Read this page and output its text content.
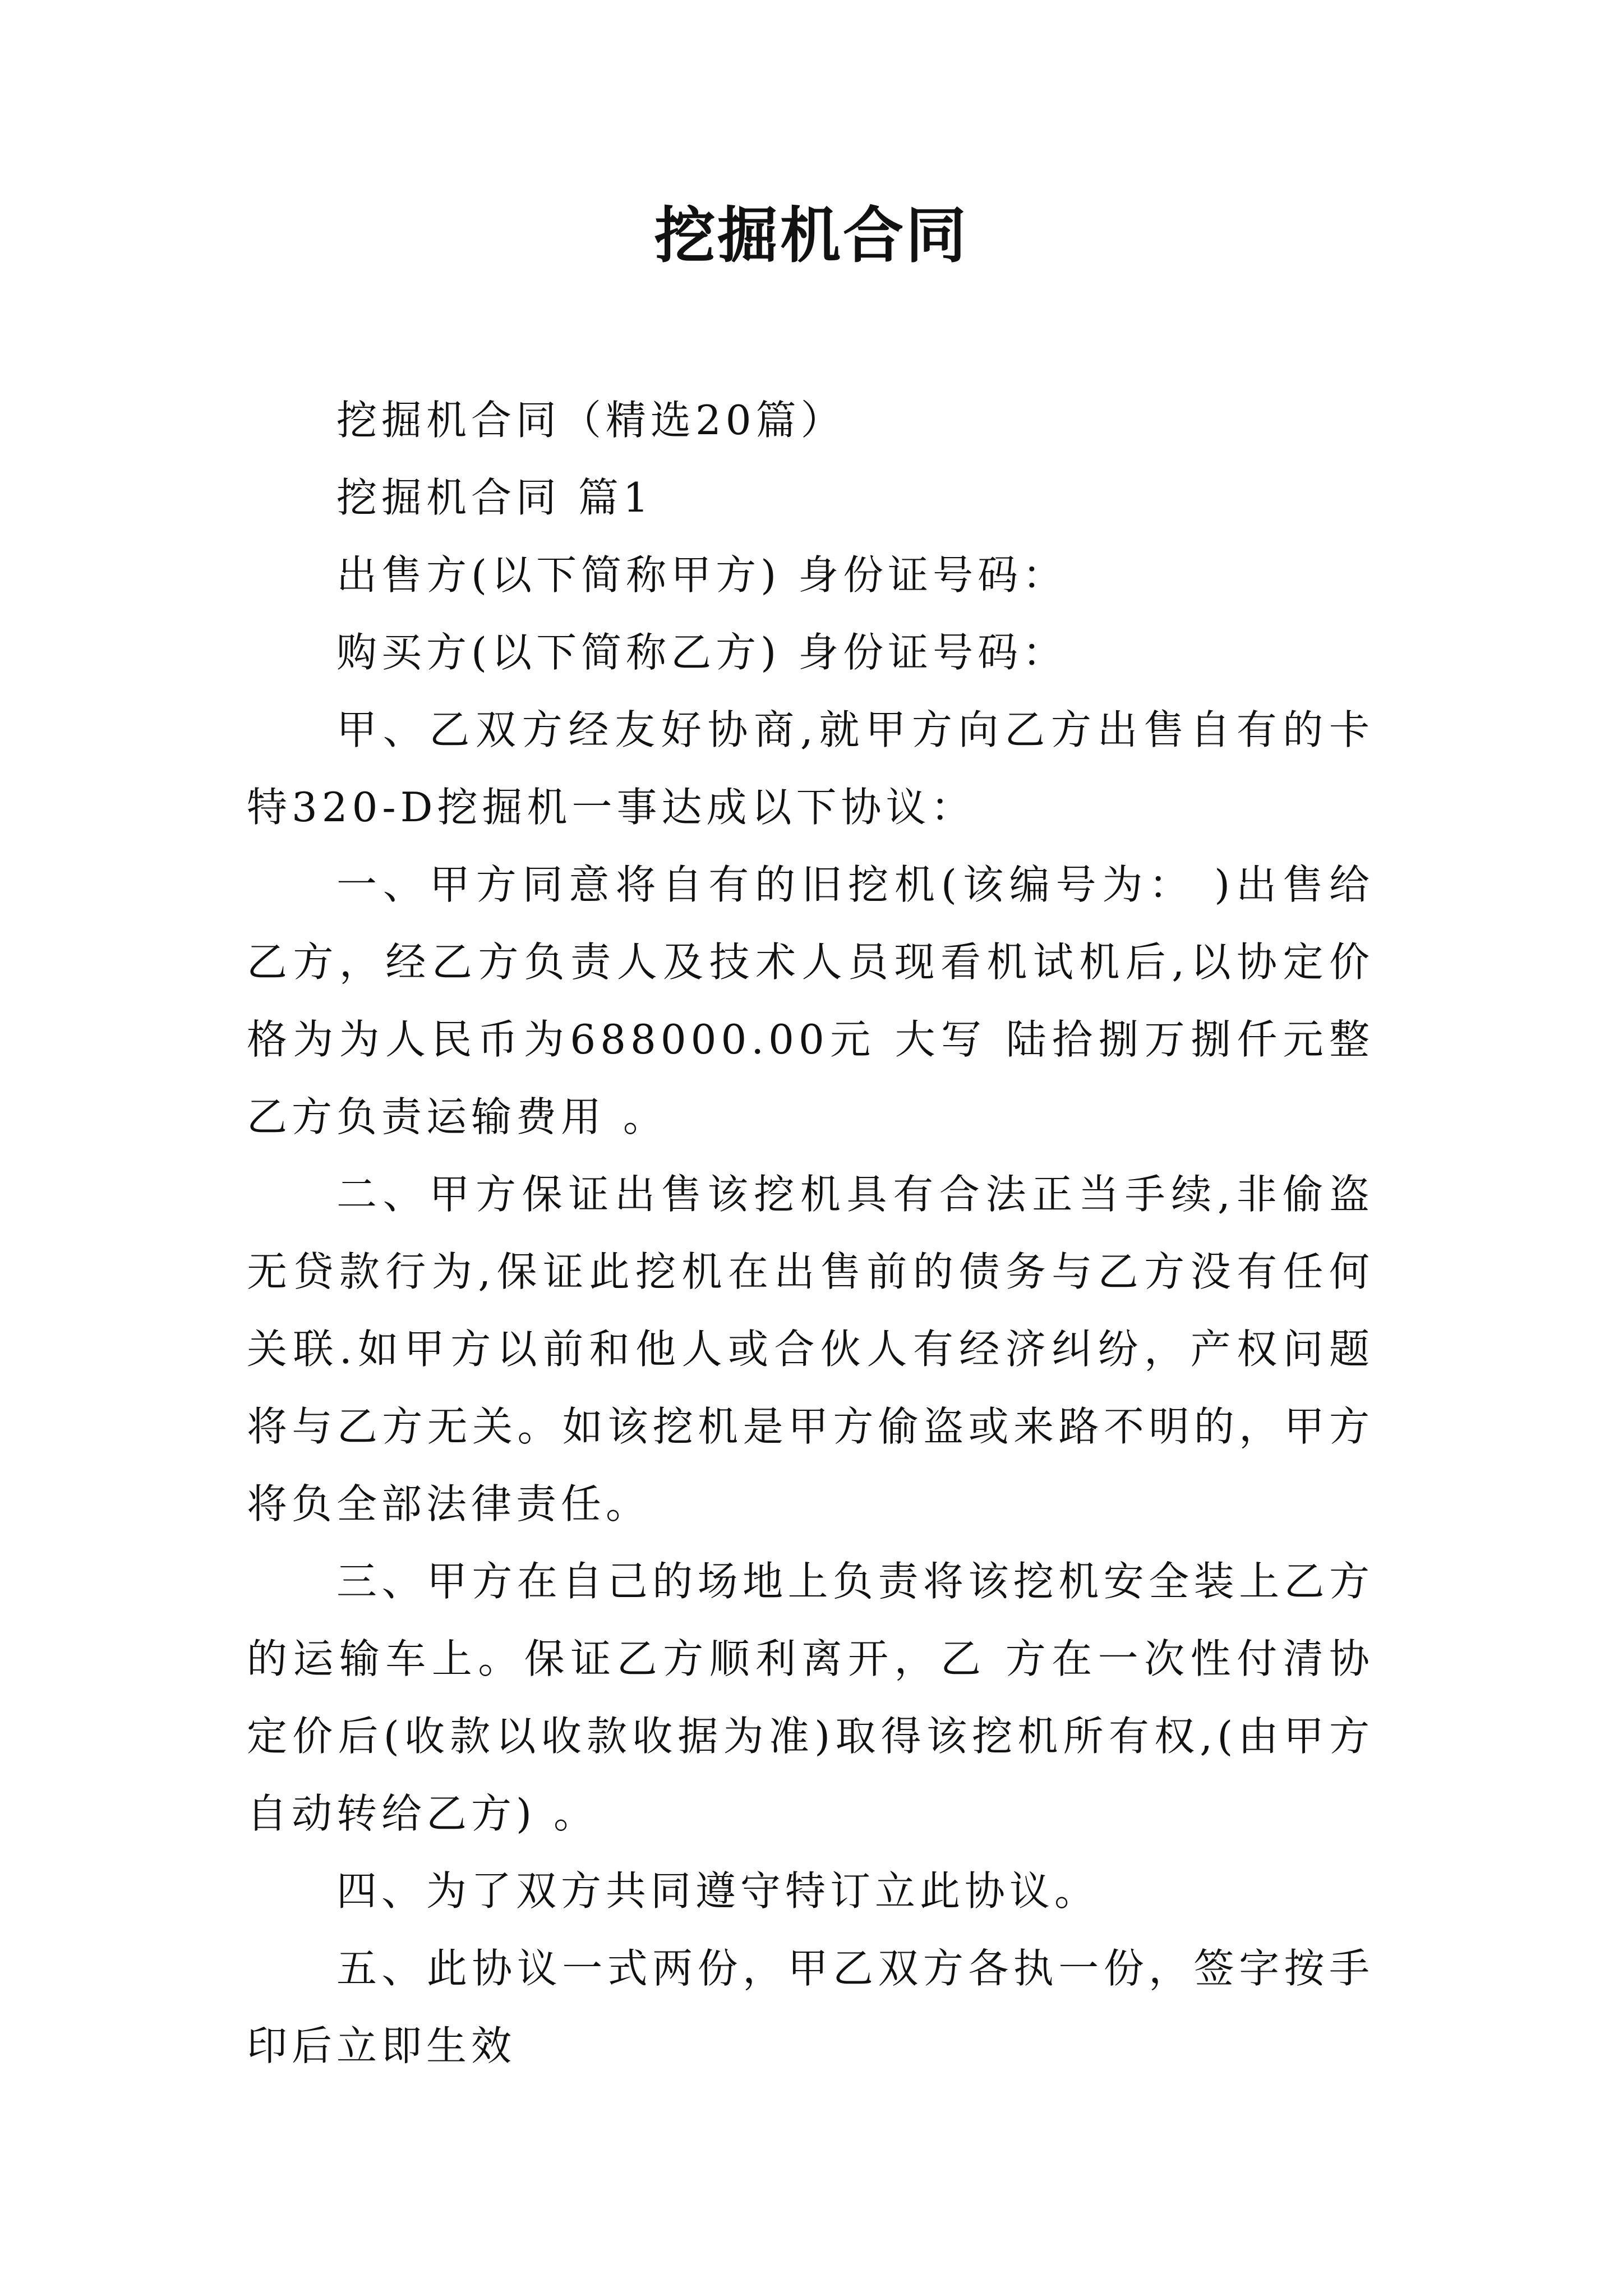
挖掘机合同

挖掘机合同（精选20篇）

挖掘机合同 篇1

出售方(以下简称甲方) 身份证号码：

购买方(以下简称乙方) 身份证号码：

甲、乙双方经友好协商,就甲方向乙方出售自有的卡特320-D挖掘机一事达成以下协议：

一、甲方同意将自有的旧挖机(该编号为： )出售给乙方，经乙方负责人及技术人员现看机试机后,以协定价格为为人民币为688000.00元 大写 陆拾捌万捌仟元整 乙方负责运输费用 。

二、甲方保证出售该挖机具有合法正当手续,非偷盗无贷款行为,保证此挖机在出售前的债务与乙方没有任何关联.如甲方以前和他人或合伙人有经济纠纷，产权问题将与乙方无关。如该挖机是甲方偷盗或来路不明的，甲方将负全部法律责任。

三、甲方在自己的场地上负责将该挖机安全装上乙方的运输车上。保证乙方顺利离开，乙 方在一次性付清协定价后(收款以收款收据为准)取得该挖机所有权,(由甲方自动转给乙方) 。

四、为了双方共同遵守特订立此协议。

五、此协议一式两份，甲乙双方各执一份，签字按手印后立即生效
